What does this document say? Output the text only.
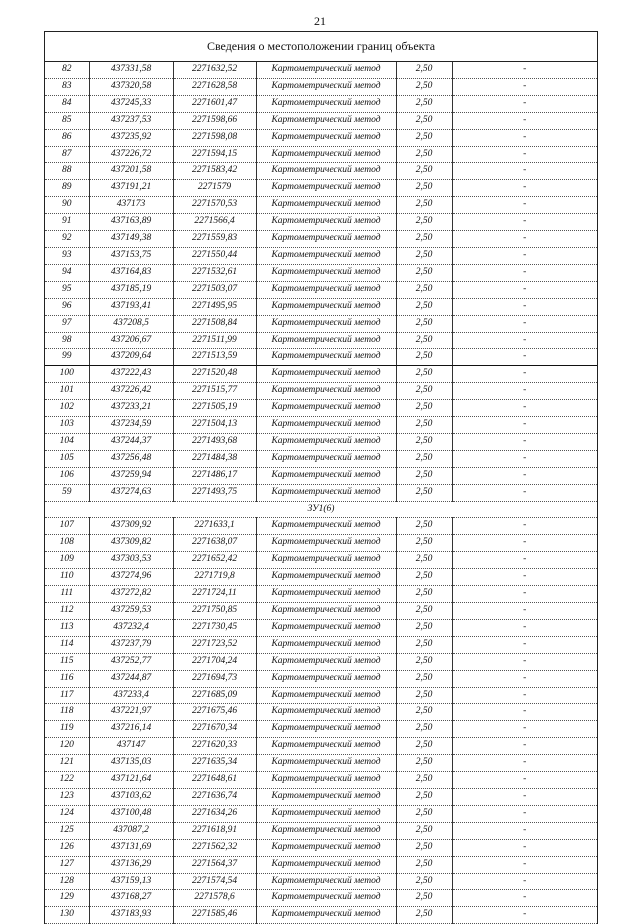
21
Сведения о местоположении границ объекта
82	437331,58	2271632,52	Картометрический метод	2,50	-
83	437320,58	2271628,58	Картометрический метод	2,50	-
84	437245,33	2271601,47	Картометрический метод	2,50	-
85	437237,53	2271598,66	Картометрический метод	2,50	-
86	437235,92	2271598,08	Картометрический метод	2,50	-
87	437226,72	2271594,15	Картометрический метод	2,50	-
88	437201,58	2271583,42	Картометрический метод	2,50	-
89	437191,21	2271579	Картометрический метод	2,50	-
90	437173	2271570,53	Картометрический метод	2,50	-
91	437163,89	2271566,4	Картометрический метод	2,50	-
92	437149,38	2271559,83	Картометрический метод	2,50	-
93	437153,75	2271550,44	Картометрический метод	2,50	-
94	437164,83	2271532,61	Картометрический метод	2,50	-
95	437185,19	2271503,07	Картометрический метод	2,50	-
96	437193,41	2271495,95	Картометрический метод	2,50	-
97	437208,5	2271508,84	Картометрический метод	2,50	-
98	437206,67	2271511,99	Картометрический метод	2,50	-
99	437209,64	2271513,59	Картометрический метод	2,50	-
100	437222,43	2271520,48	Картометрический метод	2,50	-
101	437226,42	2271515,77	Картометрический метод	2,50	-
102	437233,21	2271505,19	Картометрический метод	2,50	-
103	437234,59	2271504,13	Картометрический метод	2,50	-
104	437244,37	2271493,68	Картометрический метод	2,50	-
105	437256,48	2271484,38	Картометрический метод	2,50	-
106	437259,94	2271486,17	Картометрический метод	2,50	-
59	437274,63	2271493,75	Картометрический метод	2,50	-
ЗУ1(6)					
107	437309,92	2271633,1	Картометрический метод	2,50	-
108	437309,82	2271638,07	Картометрический метод	2,50	-
109	437303,53	2271652,42	Картометрический метод	2,50	-
110	437274,96	2271719,8	Картометрический метод	2,50	-
111	437272,82	2271724,11	Картометрический метод	2,50	-
112	437259,53	2271750,85	Картометрический метод	2,50	-
113	437232,4	2271730,45	Картометрический метод	2,50	-
114	437237,79	2271723,52	Картометрический метод	2,50	-
115	437252,77	2271704,24	Картометрический метод	2,50	-
116	437244,87	2271694,73	Картометрический метод	2,50	-
117	437233,4	2271685,09	Картометрический метод	2,50	-
118	437221,97	2271675,46	Картометрический метод	2,50	-
119	437216,14	2271670,34	Картометрический метод	2,50	-
120	437147	2271620,33	Картометрический метод	2,50	-
121	437135,03	2271635,34	Картометрический метод	2,50	-
122	437121,64	2271648,61	Картометрический метод	2,50	-
123	437103,62	2271636,74	Картометрический метод	2,50	-
124	437100,48	2271634,26	Картометрический метод	2,50	-
125	437087,2	2271618,91	Картометрический метод	2,50	-
126	437131,69	2271562,32	Картометрический метод	2,50	-
127	437136,29	2271564,37	Картометрический метод	2,50	-
128	437159,13	2271574,54	Картометрический метод	2,50	-
129	437168,27	2271578,6	Картометрический метод	2,50	-
130	437183,93	2271585,46	Картометрический метод	2,50	-
